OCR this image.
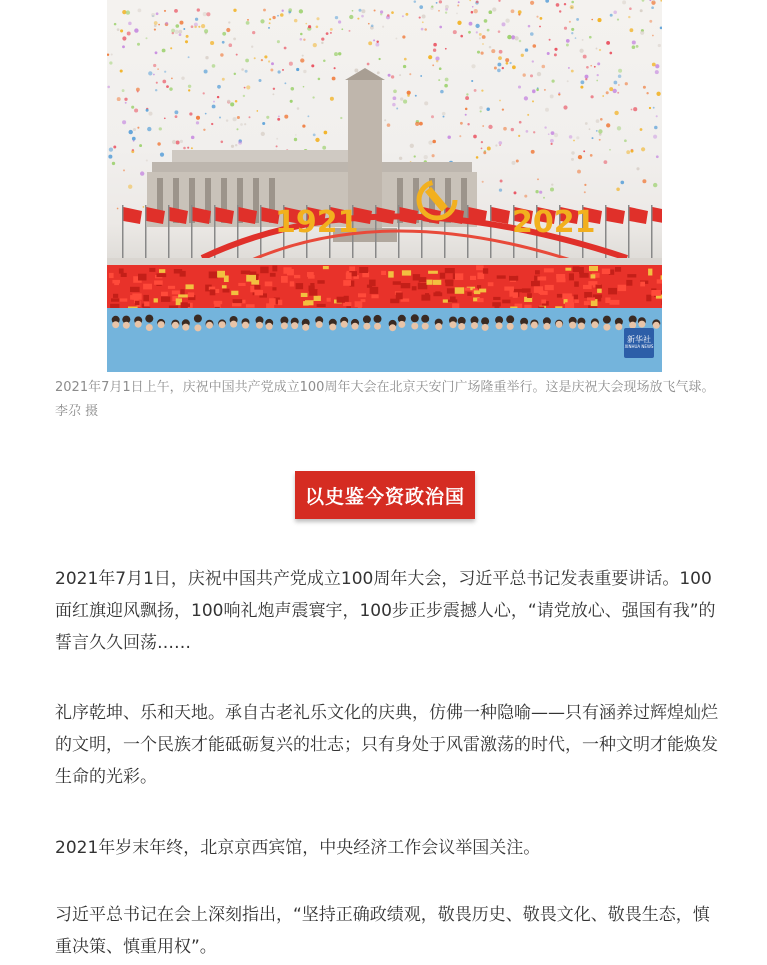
1921	2021
新华社
XINHUA NEWS
2021年7月1日上午，庆祝中国共产党成立100周年大会在北京天安门广场隆重举行。这是庆祝大会现场放飞气球。李尕 摄
以史鉴今资政治国
2021年7月1日，庆祝中国共产党成立100周年大会，习近平总书记发表重要讲话。100面红旗迎风飘扬，100响礼炮声震寰宇，100步正步震撼人心，“请党放心、强国有我”的誓言久久回荡……
礼序乾坤、乐和天地。承自古老礼乐文化的庆典，仿佛一种隐喻——只有涵养过辉煌灿烂的文明，一个民族才能砥砺复兴的壮志；只有身处于风雷激荡的时代，一种文明才能焕发生命的光彩。
2021年岁末年终，北京京西宾馆，中央经济工作会议举国关注。
习近平总书记在会上深刻指出，“坚持正确政绩观，敬畏历史、敬畏文化、敬畏生态，慎重决策、慎重用权”。
